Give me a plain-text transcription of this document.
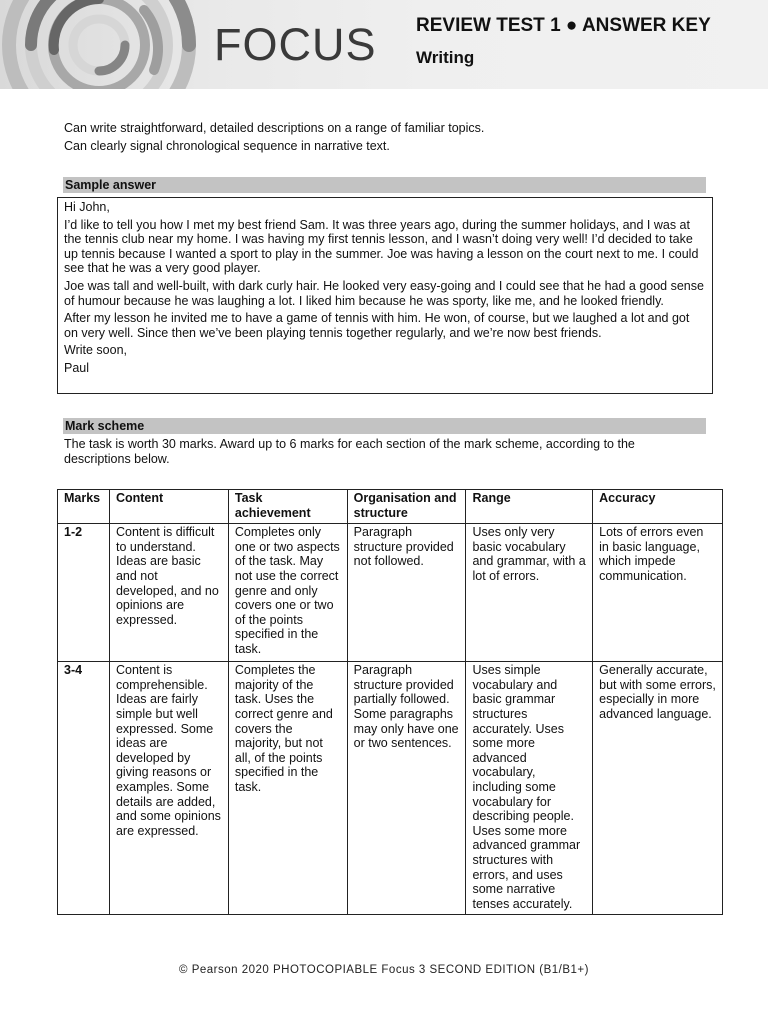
FOCUS REVIEW TEST 1 ● ANSWER KEY
Writing
Can write straightforward, detailed descriptions on a range of familiar topics.
Can clearly signal chronological sequence in narrative text.
Sample answer

Hi John,

I’d like to tell you how I met my best friend Sam. It was three years ago, during the summer holidays, and I was at the tennis club near my home. I was having my first tennis lesson, and I wasn’t doing very well! I’d decided to take up tennis because I wanted a sport to play in the summer. Joe was having a lesson on the court next to me. I could see that he was a very good player.

Joe was tall and well-built, with dark curly hair. He looked very easy-going and I could see that he had a good sense of humour because he was laughing a lot. I liked him because he was sporty, like me, and he looked friendly.

After my lesson he invited me to have a game of tennis with him. He won, of course, but we laughed a lot and got on very well. Since then we’ve been playing tennis together regularly, and we’re now best friends.

Write soon,

Paul

Mark scheme
The task is worth 30 marks. Award up to 6 marks for each section of the mark scheme, according to the descriptions below.
Marks	Content	Task achievement	Organisation and structure	Range	Accuracy
1-2	Content is difficult to understand. Ideas are basic and not developed, and no opinions are expressed.	Completes only one or two aspects of the task. May not use the correct genre and only covers one or two of the points specified in the task.	Paragraph structure provided not followed.	Uses only very basic vocabulary and grammar, with a lot of errors.	Lots of errors even in basic language, which impede communication.
3-4	Content is comprehensible. Ideas are fairly simple but well expressed. Some ideas are developed by giving reasons or examples. Some details are added, and some opinions are expressed.	Completes the majority of the task. Uses the correct genre and covers the majority, but not all, of the points specified in the task.	Paragraph structure provided partially followed. Some paragraphs may only have one or two sentences.	Uses simple vocabulary and basic grammar structures accurately. Uses some more advanced vocabulary, including some vocabulary for describing people. Uses some more advanced grammar structures with errors, and uses some narrative tenses accurately.	Generally accurate, but with some errors, especially in more advanced language.
© Pearson 2020 PHOTOCOPIABLE Focus 3 SECOND EDITION (B1/B1+)
